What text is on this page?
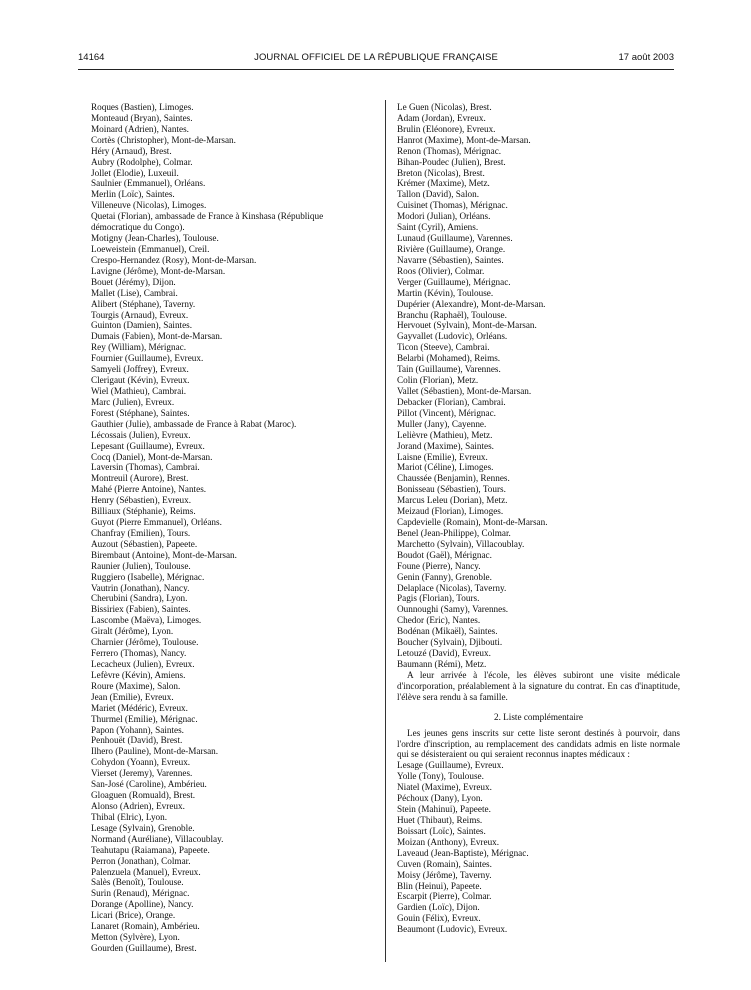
14164	JOURNAL OFFICIEL DE LA RÉPUBLIQUE FRANÇAISE	17 août 2003
Roques (Bastien), Limoges.
Monteaud (Bryan), Saintes.
Moinard (Adrien), Nantes.
Cortès (Christopher), Mont-de-Marsan.
Héry (Arnaud), Brest.
Aubry (Rodolphe), Colmar.
Jollet (Elodie), Luxeuil.
Saulnier (Emmanuel), Orléans.
Merlin (Loïc), Saintes.
Villeneuve (Nicolas), Limoges.
Quetai (Florian), ambassade de France à Kinshasa (République
démocratique du Congo).
Motigny (Jean-Charles), Toulouse.
Loeweistein (Emmanuel), Creil.
Crespo-Hernandez (Rosy), Mont-de-Marsan.
Lavigne (Jérôme), Mont-de-Marsan.
Bouet (Jérémy), Dijon.
Mallet (Lise), Cambrai.
Alibert (Stéphane), Taverny.
Tourgis (Arnaud), Evreux.
Guinton (Damien), Saintes.
Dumais (Fabien), Mont-de-Marsan.
Rey (William), Mérignac.
Fournier (Guillaume), Evreux.
Samyeli (Joffrey), Evreux.
Clerigaut (Kévin), Evreux.
Wiel (Mathieu), Cambrai.
Marc (Julien), Evreux.
Forest (Stéphane), Saintes.
Gauthier (Julie), ambassade de France à Rabat (Maroc).
Lécossais (Julien), Evreux.
Lepesant (Guillaume), Evreux.
Cocq (Daniel), Mont-de-Marsan.
Laversin (Thomas), Cambrai.
Montreuil (Aurore), Brest.
Mahé (Pierre Antoine), Nantes.
Henry (Sébastien), Evreux.
Billiaux (Stéphanie), Reims.
Guyot (Pierre Emmanuel), Orléans.
Chanfray (Emilien), Tours.
Auzout (Sébastien), Papeete.
Birembaut (Antoine), Mont-de-Marsan.
Raunier (Julien), Toulouse.
Ruggiero (Isabelle), Mérignac.
Vautrin (Jonathan), Nancy.
Cherubini (Sandra), Lyon.
Bissiriex (Fabien), Saintes.
Lascombe (Maëva), Limoges.
Giralt (Jérôme), Lyon.
Charnier (Jérôme), Toulouse.
Ferrero (Thomas), Nancy.
Lecacheux (Julien), Evreux.
Lefèvre (Kévin), Amiens.
Roure (Maxime), Salon.
Jean (Emilie), Evreux.
Mariet (Médéric), Evreux.
Thurmel (Emilie), Mérignac.
Papon (Yohann), Saintes.
Penhouët (David), Brest.
Ilhero (Pauline), Mont-de-Marsan.
Cohydon (Yoann), Evreux.
Vierset (Jeremy), Varennes.
San-José (Caroline), Ambérieu.
Gloaguen (Romuald), Brest.
Alonso (Adrien), Evreux.
Thibal (Elric), Lyon.
Lesage (Sylvain), Grenoble.
Normand (Auréliane), Villacoublay.
Teahutapu (Raiamana), Papeete.
Perron (Jonathan), Colmar.
Palenzuela (Manuel), Evreux.
Salès (Benoît), Toulouse.
Surin (Renaud), Mérignac.
Dorange (Apolline), Nancy.
Licari (Brice), Orange.
Lanaret (Romain), Ambérieu.
Metton (Sylvère), Lyon.
Gourden (Guillaume), Brest.
Le Guen (Nicolas), Brest.
Adam (Jordan), Evreux.
Brulin (Eléonore), Evreux.
Hanrot (Maxime), Mont-de-Marsan.
Renon (Thomas), Mérignac.
Bihan-Poudec (Julien), Brest.
Breton (Nicolas), Brest.
Krémer (Maxime), Metz.
Tallon (David), Salon.
Cuisinet (Thomas), Mérignac.
Modori (Julian), Orléans.
Saint (Cyril), Amiens.
Lunaud (Guillaume), Varennes.
Rivière (Guillaume), Orange.
Navarre (Sébastien), Saintes.
Roos (Olivier), Colmar.
Verger (Guillaume), Mérignac.
Martin (Kévin), Toulouse.
Dupérier (Alexandre), Mont-de-Marsan.
Branchu (Raphaël), Toulouse.
Hervouet (Sylvain), Mont-de-Marsan.
Gayvallet (Ludovic), Orléans.
Ticon (Steeve), Cambrai.
Belarbi (Mohamed), Reims.
Tain (Guillaume), Varennes.
Colin (Florian), Metz.
Vallet (Sébastien), Mont-de-Marsan.
Debacker (Florian), Cambrai.
Pillot (Vincent), Mérignac.
Muller (Jany), Cayenne.
Lelièvre (Mathieu), Metz.
Jorand (Maxime), Saintes.
Laisne (Emilie), Evreux.
Mariot (Céline), Limoges.
Chaussée (Benjamin), Rennes.
Bonisseau (Sébastien), Tours.
Marcus Leleu (Dorian), Metz.
Meizaud (Florian), Limoges.
Capdevielle (Romain), Mont-de-Marsan.
Benel (Jean-Philippe), Colmar.
Marchetto (Sylvain), Villacoublay.
Boudot (Gaël), Mérignac.
Foune (Pierre), Nancy.
Genin (Fanny), Grenoble.
Delaplace (Nicolas), Taverny.
Pagis (Florian), Tours.
Ounnoughi (Samy), Varennes.
Chedor (Eric), Nantes.
Bodénan (Mikaël), Saintes.
Boucher (Sylvain), Djibouti.
Letouzé (David), Evreux.
Baumann (Rémi), Metz.
A leur arrivée à l'école, les élèves subiront une visite médicale d'incorporation, préalablement à la signature du contrat. En cas d'inaptitude, l'élève sera rendu à sa famille.
2. Liste complémentaire
Les jeunes gens inscrits sur cette liste seront destinés à pourvoir, dans l'ordre d'inscription, au remplacement des candidats admis en liste normale qui se désisteraient ou qui seraient reconnus inaptes médicaux :
Lesage (Guillaume), Evreux.
Yolle (Tony), Toulouse.
Niatel (Maxime), Evreux.
Péchoux (Dany), Lyon.
Stein (Mahinui), Papeete.
Huet (Thibaut), Reims.
Boissart (Loïc), Saintes.
Moizan (Anthony), Evreux.
Laveaud (Jean-Baptiste), Mérignac.
Cuven (Romain), Saintes.
Moisy (Jérôme), Taverny.
Blin (Heinui), Papeete.
Escarpit (Pierre), Colmar.
Gardien (Loïc), Dijon.
Gouin (Félix), Evreux.
Beaumont (Ludovic), Evreux.
